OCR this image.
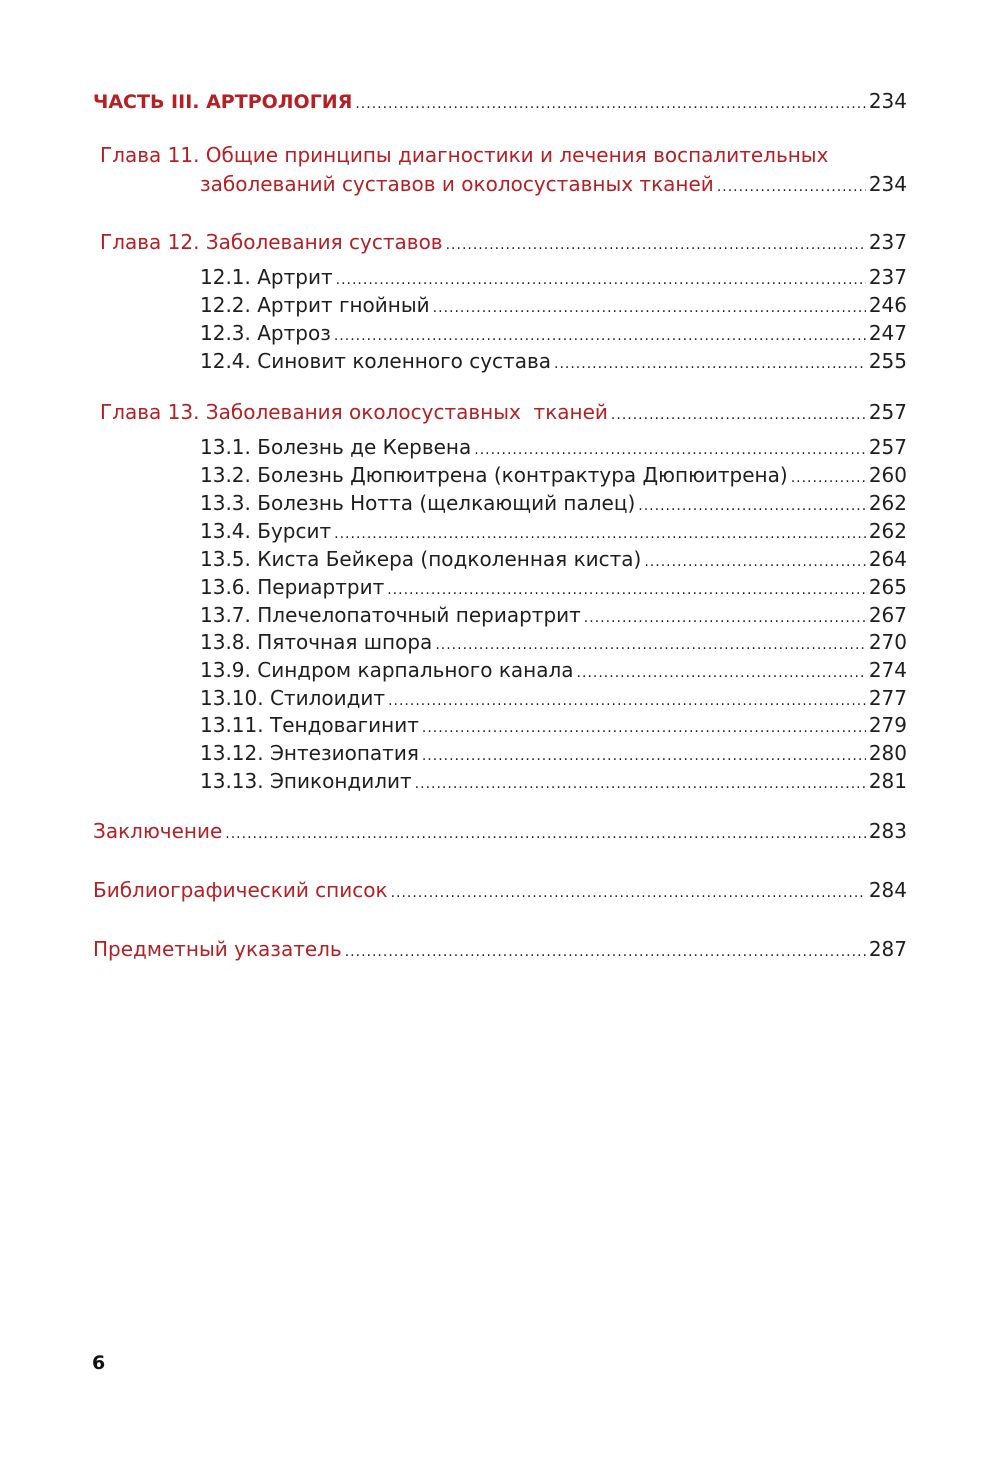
ЧАСТЬ III. АРТРОЛОГИЯ .....	234
Глава 11. Общие принципы диагностики и лечения воспалительных
заболеваний суставов и околосуставных тканей .....	234
Глава 12. Заболевания суставов .....	237
12.1. Артрит .....	237
12.2. Артрит гнойный .....	246
12.3. Артроз .....	247
12.4. Синовит коленного сустава .....	255
Глава 13. Заболевания околосуставных  тканей .....	257
13.1. Болезнь де Кервена .....	257
13.2. Болезнь Дюпюитрена (контрактура Дюпюитрена) .....	260
13.3. Болезнь Нотта (щелкающий палец) .....	262
13.4. Бурсит .....	262
13.5. Киста Бейкера (подколенная киста) .....	264
13.6. Периартрит .....	265
13.7. Плечелопаточный периартрит .....	267
13.8. Пяточная шпора .....	270
13.9. Синдром карпального канала .....	274
13.10. Стилоидит .....	277
13.11. Тендовагинит .....	279
13.12. Энтезиопатия .....	280
13.13. Эпикондилит .....	281
Заключение .....	283
Библиографический список .....	284
Предметный указатель .....	287
6
